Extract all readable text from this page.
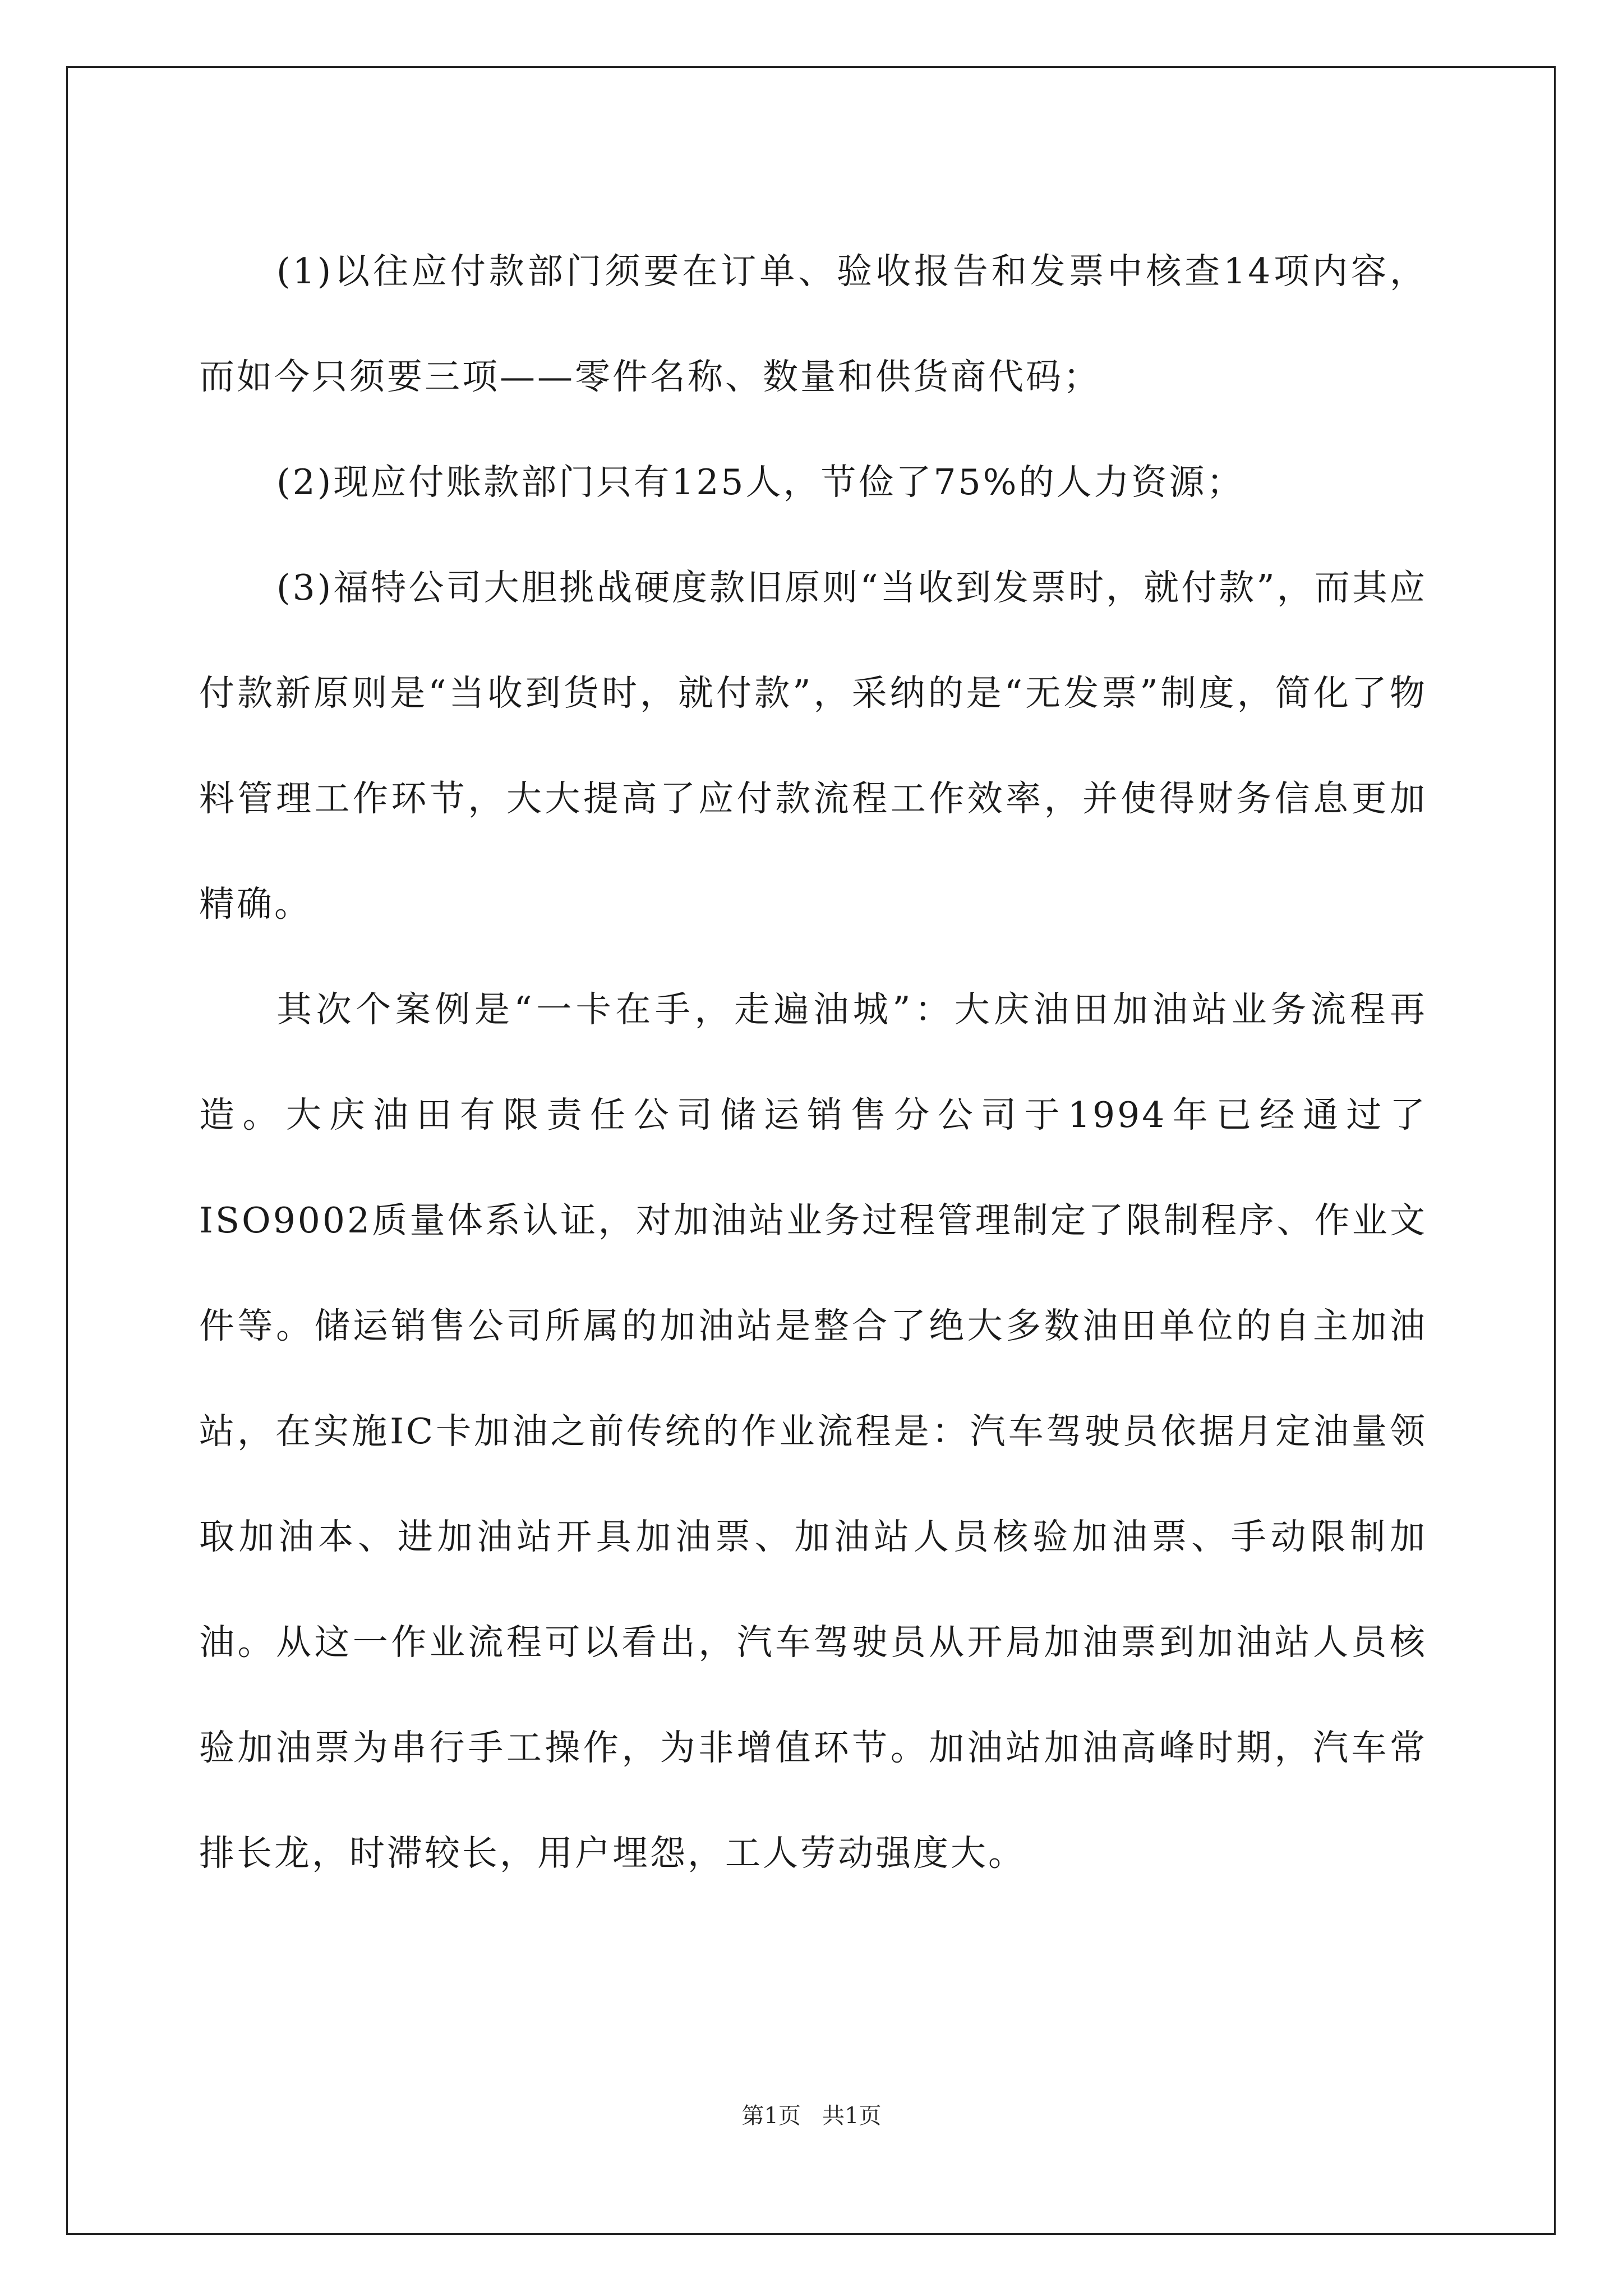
(1)以往应付款部门须要在订单、验收报告和发票中核查14项内容，而如今只须要三项——零件名称、数量和供货商代码；

(2)现应付账款部门只有125人，节俭了75%的人力资源；

(3)福特公司大胆挑战硬度款旧原则“当收到发票时，就付款”，而其应付款新原则是“当收到货时，就付款”，采纳的是“无发票”制度，简化了物料管理工作环节，大大提高了应付款流程工作效率，并使得财务信息更加精确。

其次个案例是“一卡在手，走遍油城”：大庆油田加油站业务流程再造。大庆油田有限责任公司储运销售分公司于1994年已经通过了ISO9002质量体系认证，对加油站业务过程管理制定了限制程序、作业文件等。储运销售公司所属的加油站是整合了绝大多数油田单位的自主加油站，在实施IC卡加油之前传统的作业流程是：汽车驾驶员依据月定油量领取加油本、进加油站开具加油票、加油站人员核验加油票、手动限制加油。从这一作业流程可以看出，汽车驾驶员从开局加油票到加油站人员核验加油票为串行手工操作，为非增值环节。加油站加油高峰时期，汽车常排长龙，时滞较长，用户埋怨，工人劳动强度大。

第1页   共1页
